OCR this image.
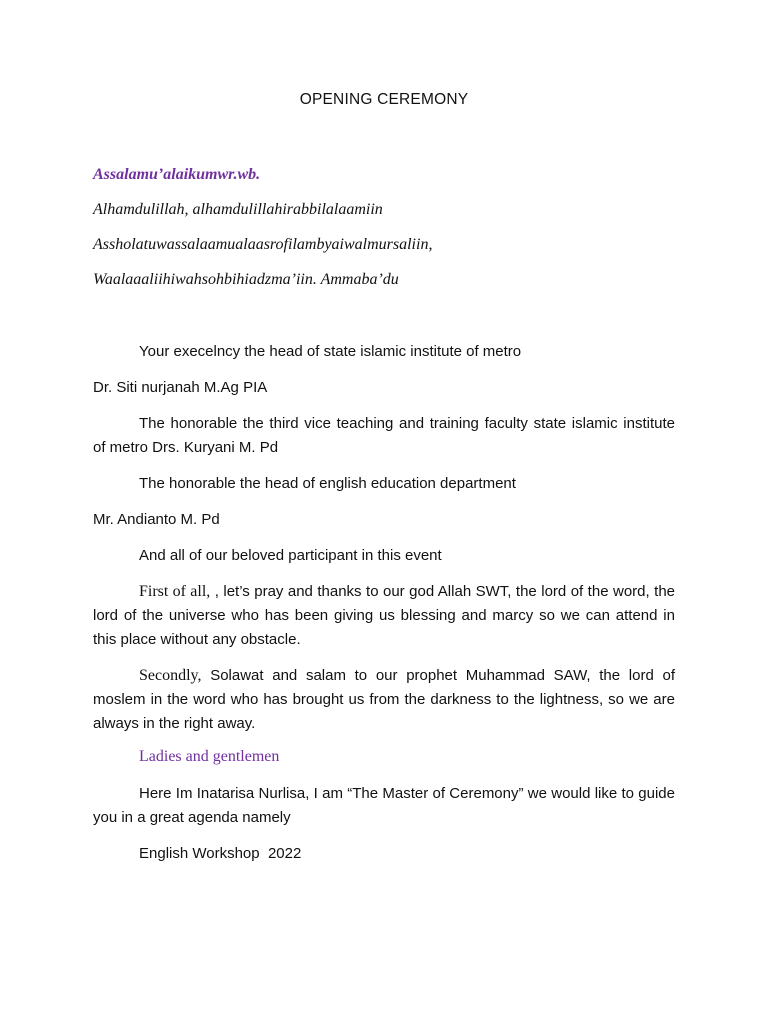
OPENING CEREMONY
Assalamu’alaikumwr.wb.
Alhamdulillah, alhamdulillahirabbilalaamiin
Assholatuwassalaamualaasrofilambyaiwalmursaliin,
Waalaaaliihiwahsohbihiadzma’iin. Ammaba’du
Your execelncy the head of state islamic institute of metro
Dr. Siti nurjanah M.Ag PIA
The honorable the third vice teaching and training faculty state islamic institute of metro Drs. Kuryani M. Pd
The honorable the head of english education department
Mr. Andianto M. Pd
And all of our beloved participant in this event
First of all, , let’s pray and thanks to our god Allah SWT, the lord of the word, the lord of the universe who has been giving us blessing and marcy so we can attend in this place without any obstacle.
Secondly, Solawat and salam to our prophet Muhammad SAW, the lord of moslem in the word who has brought us from the darkness to the lightness, so we are always in the right away.
Ladies and gentlemen
Here Im Inatarisa Nurlisa, I am “The Master of Ceremony” we would like to guide you in a great agenda namely
English Workshop  2022
